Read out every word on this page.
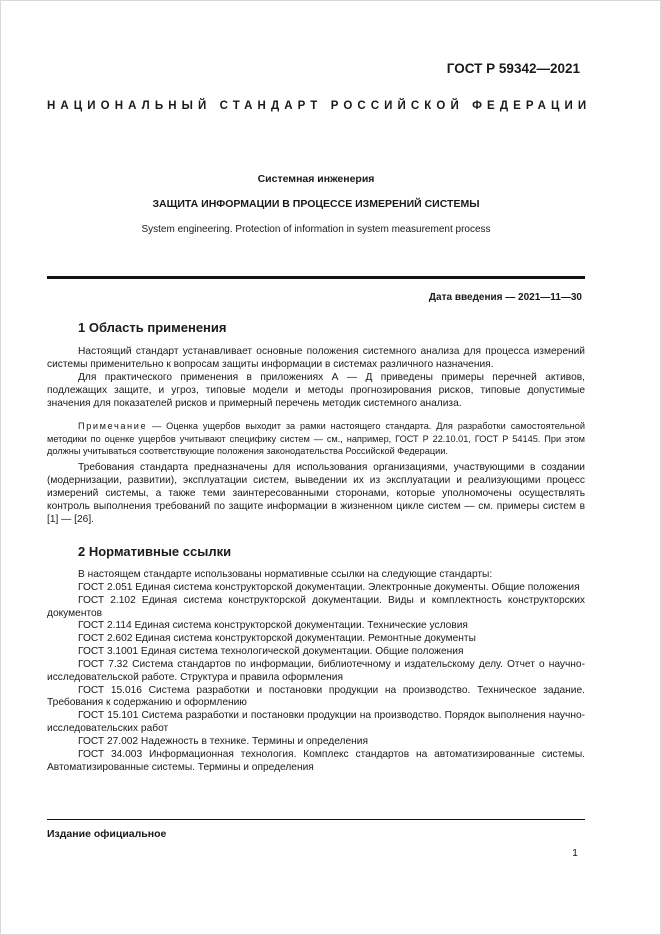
ГОСТ Р 59342—2021
НАЦИОНАЛЬНЫЙ СТАНДАРТ РОССИЙСКОЙ ФЕДЕРАЦИИ
Системная инженерия
ЗАЩИТА ИНФОРМАЦИИ В ПРОЦЕССЕ ИЗМЕРЕНИЙ СИСТЕМЫ
System engineering. Protection of information in system measurement process
Дата введения — 2021—11—30
1 Область применения

Настоящий стандарт устанавливает основные положения системного анализа для процесса измерений системы применительно к вопросам защиты информации в системах различного назначения.

Для практического применения в приложениях А — Д приведены примеры перечней активов, подлежащих защите, и угроз, типовые модели и методы прогнозирования рисков, типовые допустимые значения для показателей рисков и примерный перечень методик системного анализа.

Примечание — Оценка ущербов выходит за рамки настоящего стандарта. Для разработки самостоятельной методики по оценке ущербов учитывают специфику систем — см., например, ГОСТ Р 22.10.01, ГОСТ Р 54145. При этом должны учитываться соответствующие положения законодательства Российской Федерации.

Требования стандарта предназначены для использования организациями, участвующими в создании (модернизации, развитии), эксплуатации систем, выведении их из эксплуатации и реализующими процесс измерений системы, а также теми заинтересованными сторонами, которые уполномочены осуществлять контроль выполнения требований по защите информации в жизненном цикле систем — см. примеры систем в [1] — [26].

2 Нормативные ссылки
В настоящем стандарте использованы нормативные ссылки на следующие стандарты:
ГОСТ 2.051 Единая система конструкторской документации. Электронные документы. Общие положения
ГОСТ 2.102 Единая система конструкторской документации. Виды и комплектность конструкторских документов
ГОСТ 2.114 Единая система конструкторской документации. Технические условия
ГОСТ 2.602 Единая система конструкторской документации. Ремонтные документы
ГОСТ 3.1001 Единая система технологической документации. Общие положения
ГОСТ 7.32 Система стандартов по информации, библиотечному и издательскому делу. Отчет о научно-исследовательской работе. Структура и правила оформления
ГОСТ 15.016 Система разработки и постановки продукции на производство. Техническое задание. Требования к содержанию и оформлению
ГОСТ 15.101 Система разработки и постановки продукции на производство. Порядок выполнения научно-исследовательских работ
ГОСТ 27.002 Надежность в технике. Термины и определения
ГОСТ 34.003 Информационная технология. Комплекс стандартов на автоматизированные системы. Автоматизированные системы. Термины и определения
Издание официальное
1
